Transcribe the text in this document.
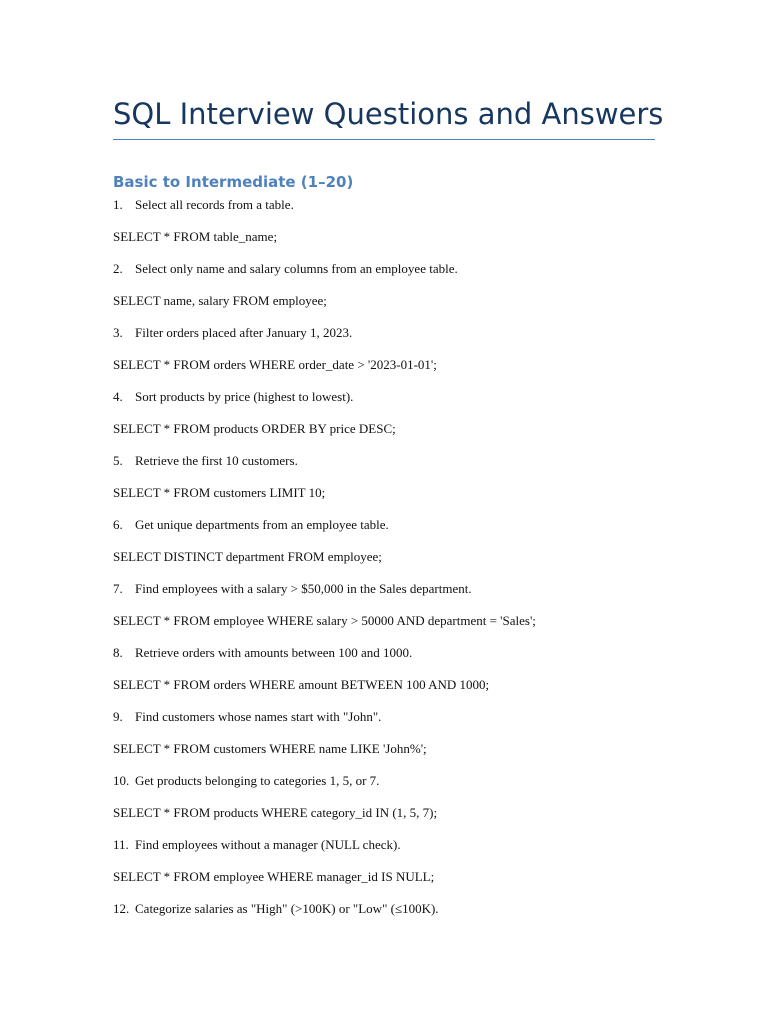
SQL Interview Questions and Answers
Basic to Intermediate (1–20)
1. Select all records from a table.
SELECT * FROM table_name;
2. Select only name and salary columns from an employee table.
SELECT name, salary FROM employee;
3. Filter orders placed after January 1, 2023.
SELECT * FROM orders WHERE order_date > '2023-01-01';
4. Sort products by price (highest to lowest).
SELECT * FROM products ORDER BY price DESC;
5. Retrieve the first 10 customers.
SELECT * FROM customers LIMIT 10;
6. Get unique departments from an employee table.
SELECT DISTINCT department FROM employee;
7. Find employees with a salary > $50,000 in the Sales department.
SELECT * FROM employee WHERE salary > 50000 AND department = 'Sales';
8. Retrieve orders with amounts between 100 and 1000.
SELECT * FROM orders WHERE amount BETWEEN 100 AND 1000;
9. Find customers whose names start with "John".
SELECT * FROM customers WHERE name LIKE 'John%';
10. Get products belonging to categories 1, 5, or 7.
SELECT * FROM products WHERE category_id IN (1, 5, 7);
11. Find employees without a manager (NULL check).
SELECT * FROM employee WHERE manager_id IS NULL;
12. Categorize salaries as "High" (>100K) or "Low" (≤100K).
